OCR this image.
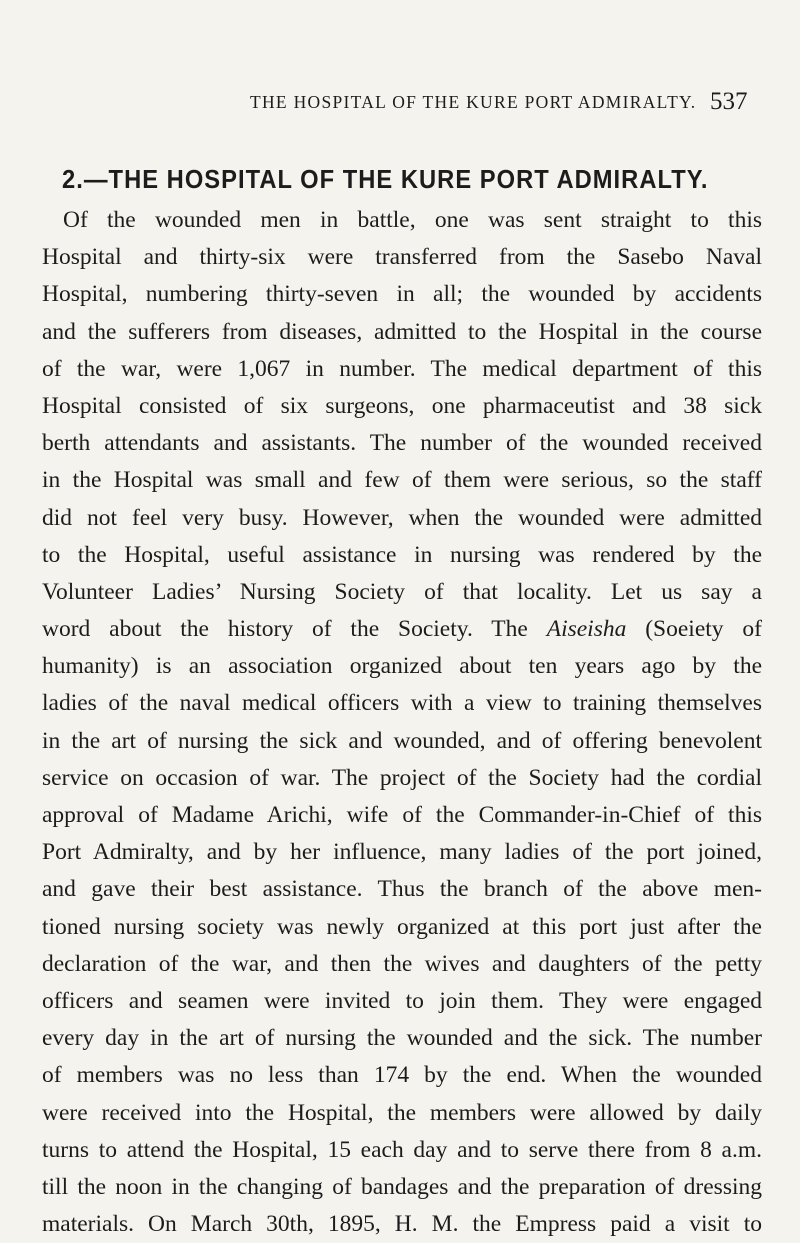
THE HOSPITAL OF THE KURE PORT ADMIRALTY. 537
2.—THE HOSPITAL OF THE KURE PORT ADMIRALTY.
Of the wounded men in battle, one was sent straight to this
Hospital and thirty-six were transferred from the Sasebo Naval
Hospital, numbering thirty-seven in all; the wounded by accidents
and the sufferers from diseases, admitted to the Hospital in the course
of the war, were 1,067 in number. The medical department of this
Hospital consisted of six surgeons, one pharmaceutist and 38 sick
berth attendants and assistants. The number of the wounded received
in the Hospital was small and few of them were serious, so the staff
did not feel very busy. However, when the wounded were admitted
to the Hospital, useful assistance in nursing was rendered by the
Volunteer Ladies’ Nursing Society of that locality. Let us say a
word about the history of the Society. The Aiseisha (Soeiety of
humanity) is an association organized about ten years ago by the
ladies of the naval medical officers with a view to training themselves
in the art of nursing the sick and wounded, and of offering benevolent
service on occasion of war. The project of the Society had the cordial
approval of Madame Arichi, wife of the Commander-in-Chief of this
Port Admiralty, and by her influence, many ladies of the port joined,
and gave their best assistance. Thus the branch of the above men-
tioned nursing society was newly organized at this port just after the
declaration of the war, and then the wives and daughters of the petty
officers and seamen were invited to join them. They were engaged
every day in the art of nursing the wounded and the sick. The number
of members was no less than 174 by the end. When the wounded
were received into the Hospital, the members were allowed by daily
turns to attend the Hospital, 15 each day and to serve there from 8 a.m.
till the noon in the changing of bandages and the preparation of dressing
materials. On March 30th, 1895, H. M. the Empress paid a visit to
